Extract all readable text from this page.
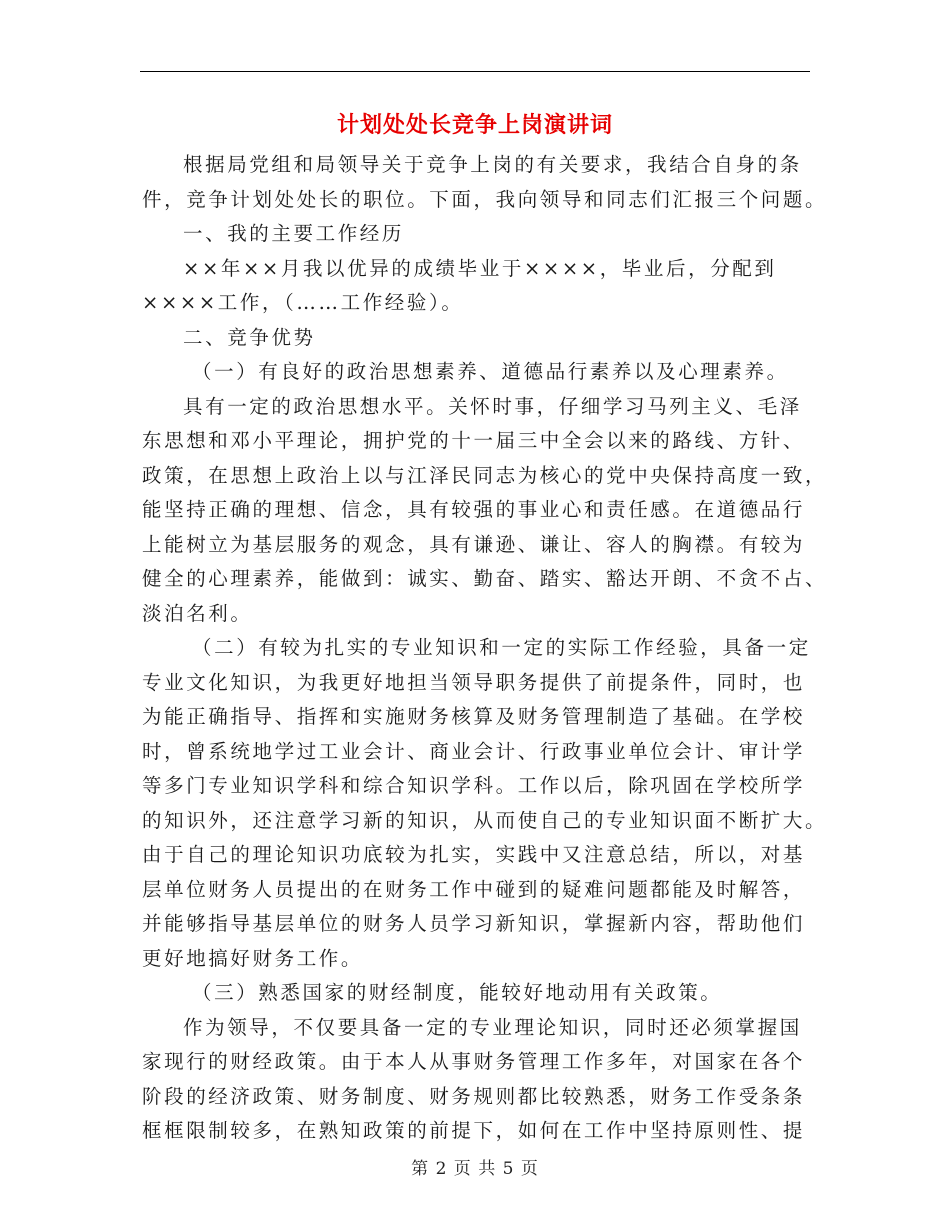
计划处处长竞争上岗演讲词
根据局党组和局领导关于竞争上岗的有关要求，我结合自身的条
件，竞争计划处处长的职位。下面，我向领导和同志们汇报三个问题。
一、我的主要工作经历
××年××月我以优异的成绩毕业于××××，毕业后，分配到
××××工作，（……工作经验）。
二、竞争优势
（一）有良好的政治思想素养、道德品行素养以及心理素养。
具有一定的政治思想水平。关怀时事，仔细学习马列主义、毛泽
东思想和邓小平理论，拥护党的十一届三中全会以来的路线、方针、
政策，在思想上政治上以与江泽民同志为核心的党中央保持高度一致，
能坚持正确的理想、信念，具有较强的事业心和责任感。在道德品行
上能树立为基层服务的观念，具有谦逊、谦让、容人的胸襟。有较为
健全的心理素养，能做到：诚实、勤奋、踏实、豁达开朗、不贪不占、
淡泊名利。
（二）有较为扎实的专业知识和一定的实际工作经验，具备一定
专业文化知识，为我更好地担当领导职务提供了前提条件，同时，也
为能正确指导、指挥和实施财务核算及财务管理制造了基础。在学校
时，曾系统地学过工业会计、商业会计、行政事业单位会计、审计学
等多门专业知识学科和综合知识学科。工作以后，除巩固在学校所学
的知识外，还注意学习新的知识，从而使自己的专业知识面不断扩大。
由于自己的理论知识功底较为扎实，实践中又注意总结，所以，对基
层单位财务人员提出的在财务工作中碰到的疑难问题都能及时解答，
并能够指导基层单位的财务人员学习新知识，掌握新内容，帮助他们
更好地搞好财务工作。
（三）熟悉国家的财经制度，能较好地动用有关政策。
作为领导，不仅要具备一定的专业理论知识，同时还必须掌握国
家现行的财经政策。由于本人从事财务管理工作多年，对国家在各个
阶段的经济政策、财务制度、财务规则都比较熟悉，财务工作受条条
框框限制较多，在熟知政策的前提下，如何在工作中坚持原则性、提
第 2 页 共 5 页
